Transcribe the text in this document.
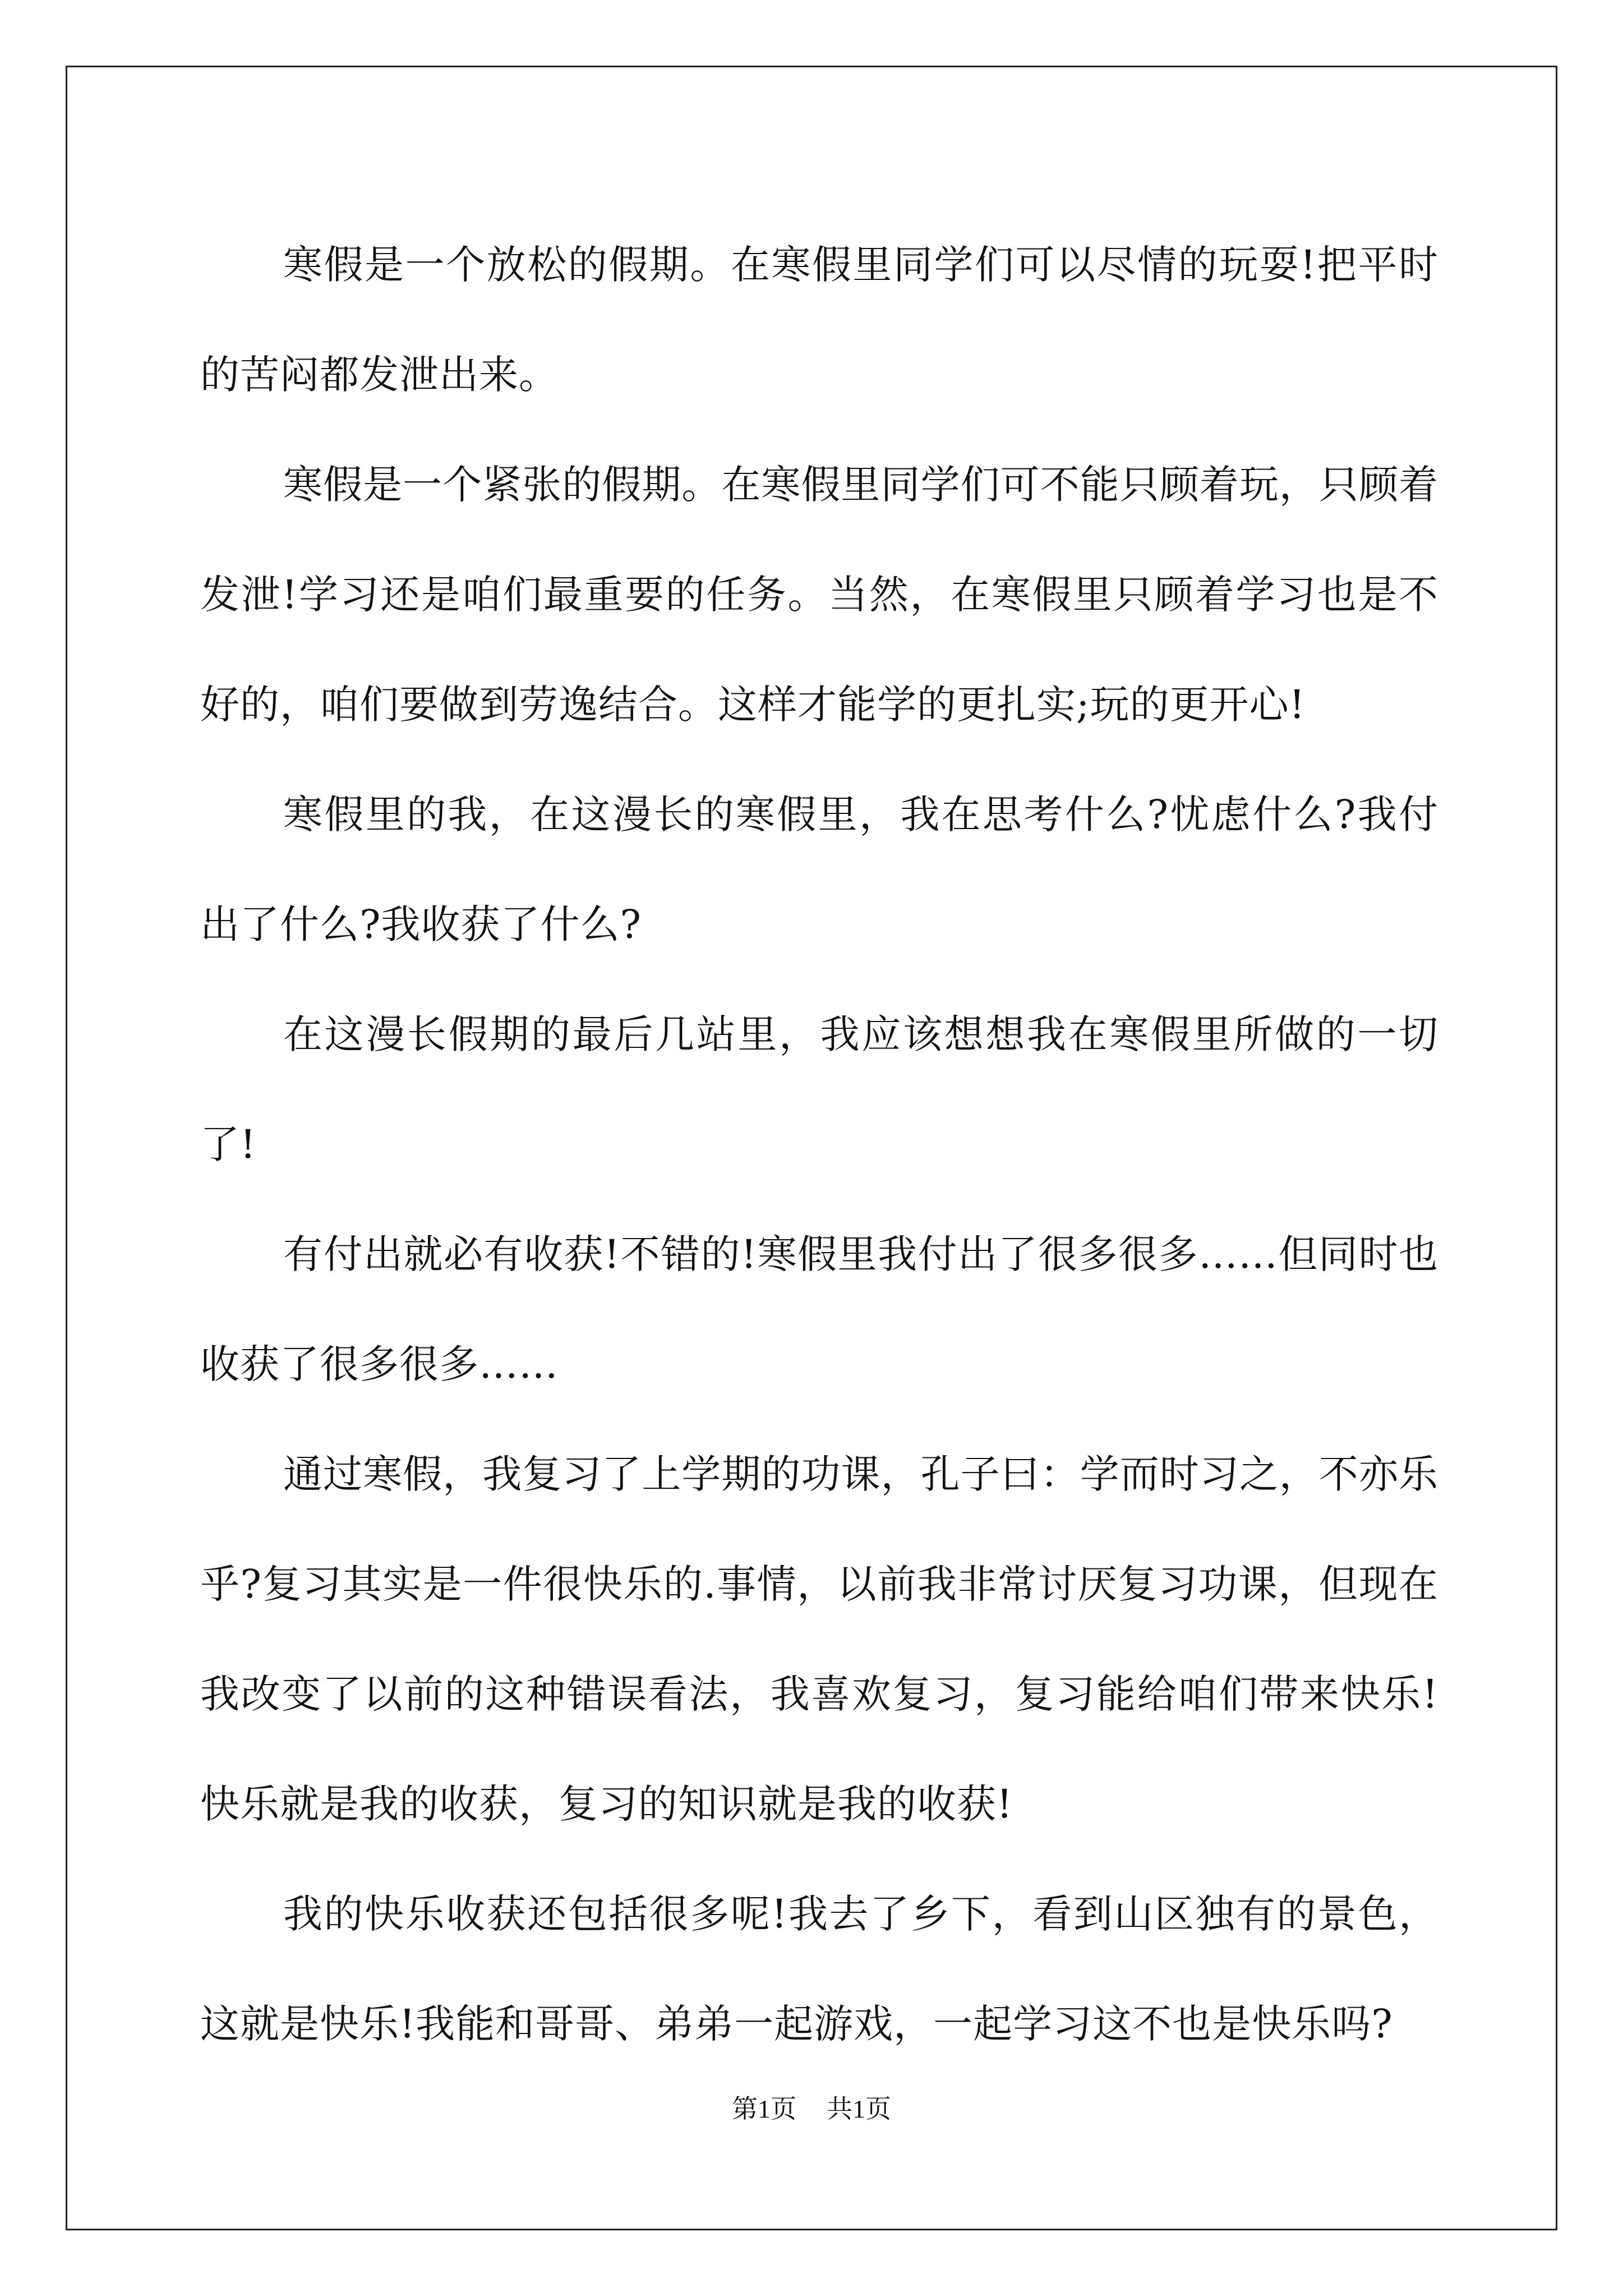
寒假是一个放松的假期。在寒假里同学们可以尽情的玩耍!把平时的苦闷都发泄出来。

寒假是一个紧张的假期。在寒假里同学们可不能只顾着玩，只顾着发泄!学习还是咱们最重要的任务。当然，在寒假里只顾着学习也是不好的，咱们要做到劳逸结合。这样才能学的更扎实;玩的更开心!

寒假里的我，在这漫长的寒假里，我在思考什么?忧虑什么?我付出了什么?我收获了什么?

在这漫长假期的最后几站里，我应该想想我在寒假里所做的一切了!

有付出就必有收获!不错的!寒假里我付出了很多很多……但同时也收获了很多很多……

通过寒假，我复习了上学期的功课，孔子曰：学而时习之，不亦乐乎?复习其实是一件很快乐的.事情，以前我非常讨厌复习功课，但现在我改变了以前的这种错误看法，我喜欢复习，复习能给咱们带来快乐!快乐就是我的收获，复习的知识就是我的收获!

我的快乐收获还包括很多呢!我去了乡下，看到山区独有的景色，这就是快乐!我能和哥哥、弟弟一起游戏，一起学习这不也是快乐吗?

第1页 共1页
